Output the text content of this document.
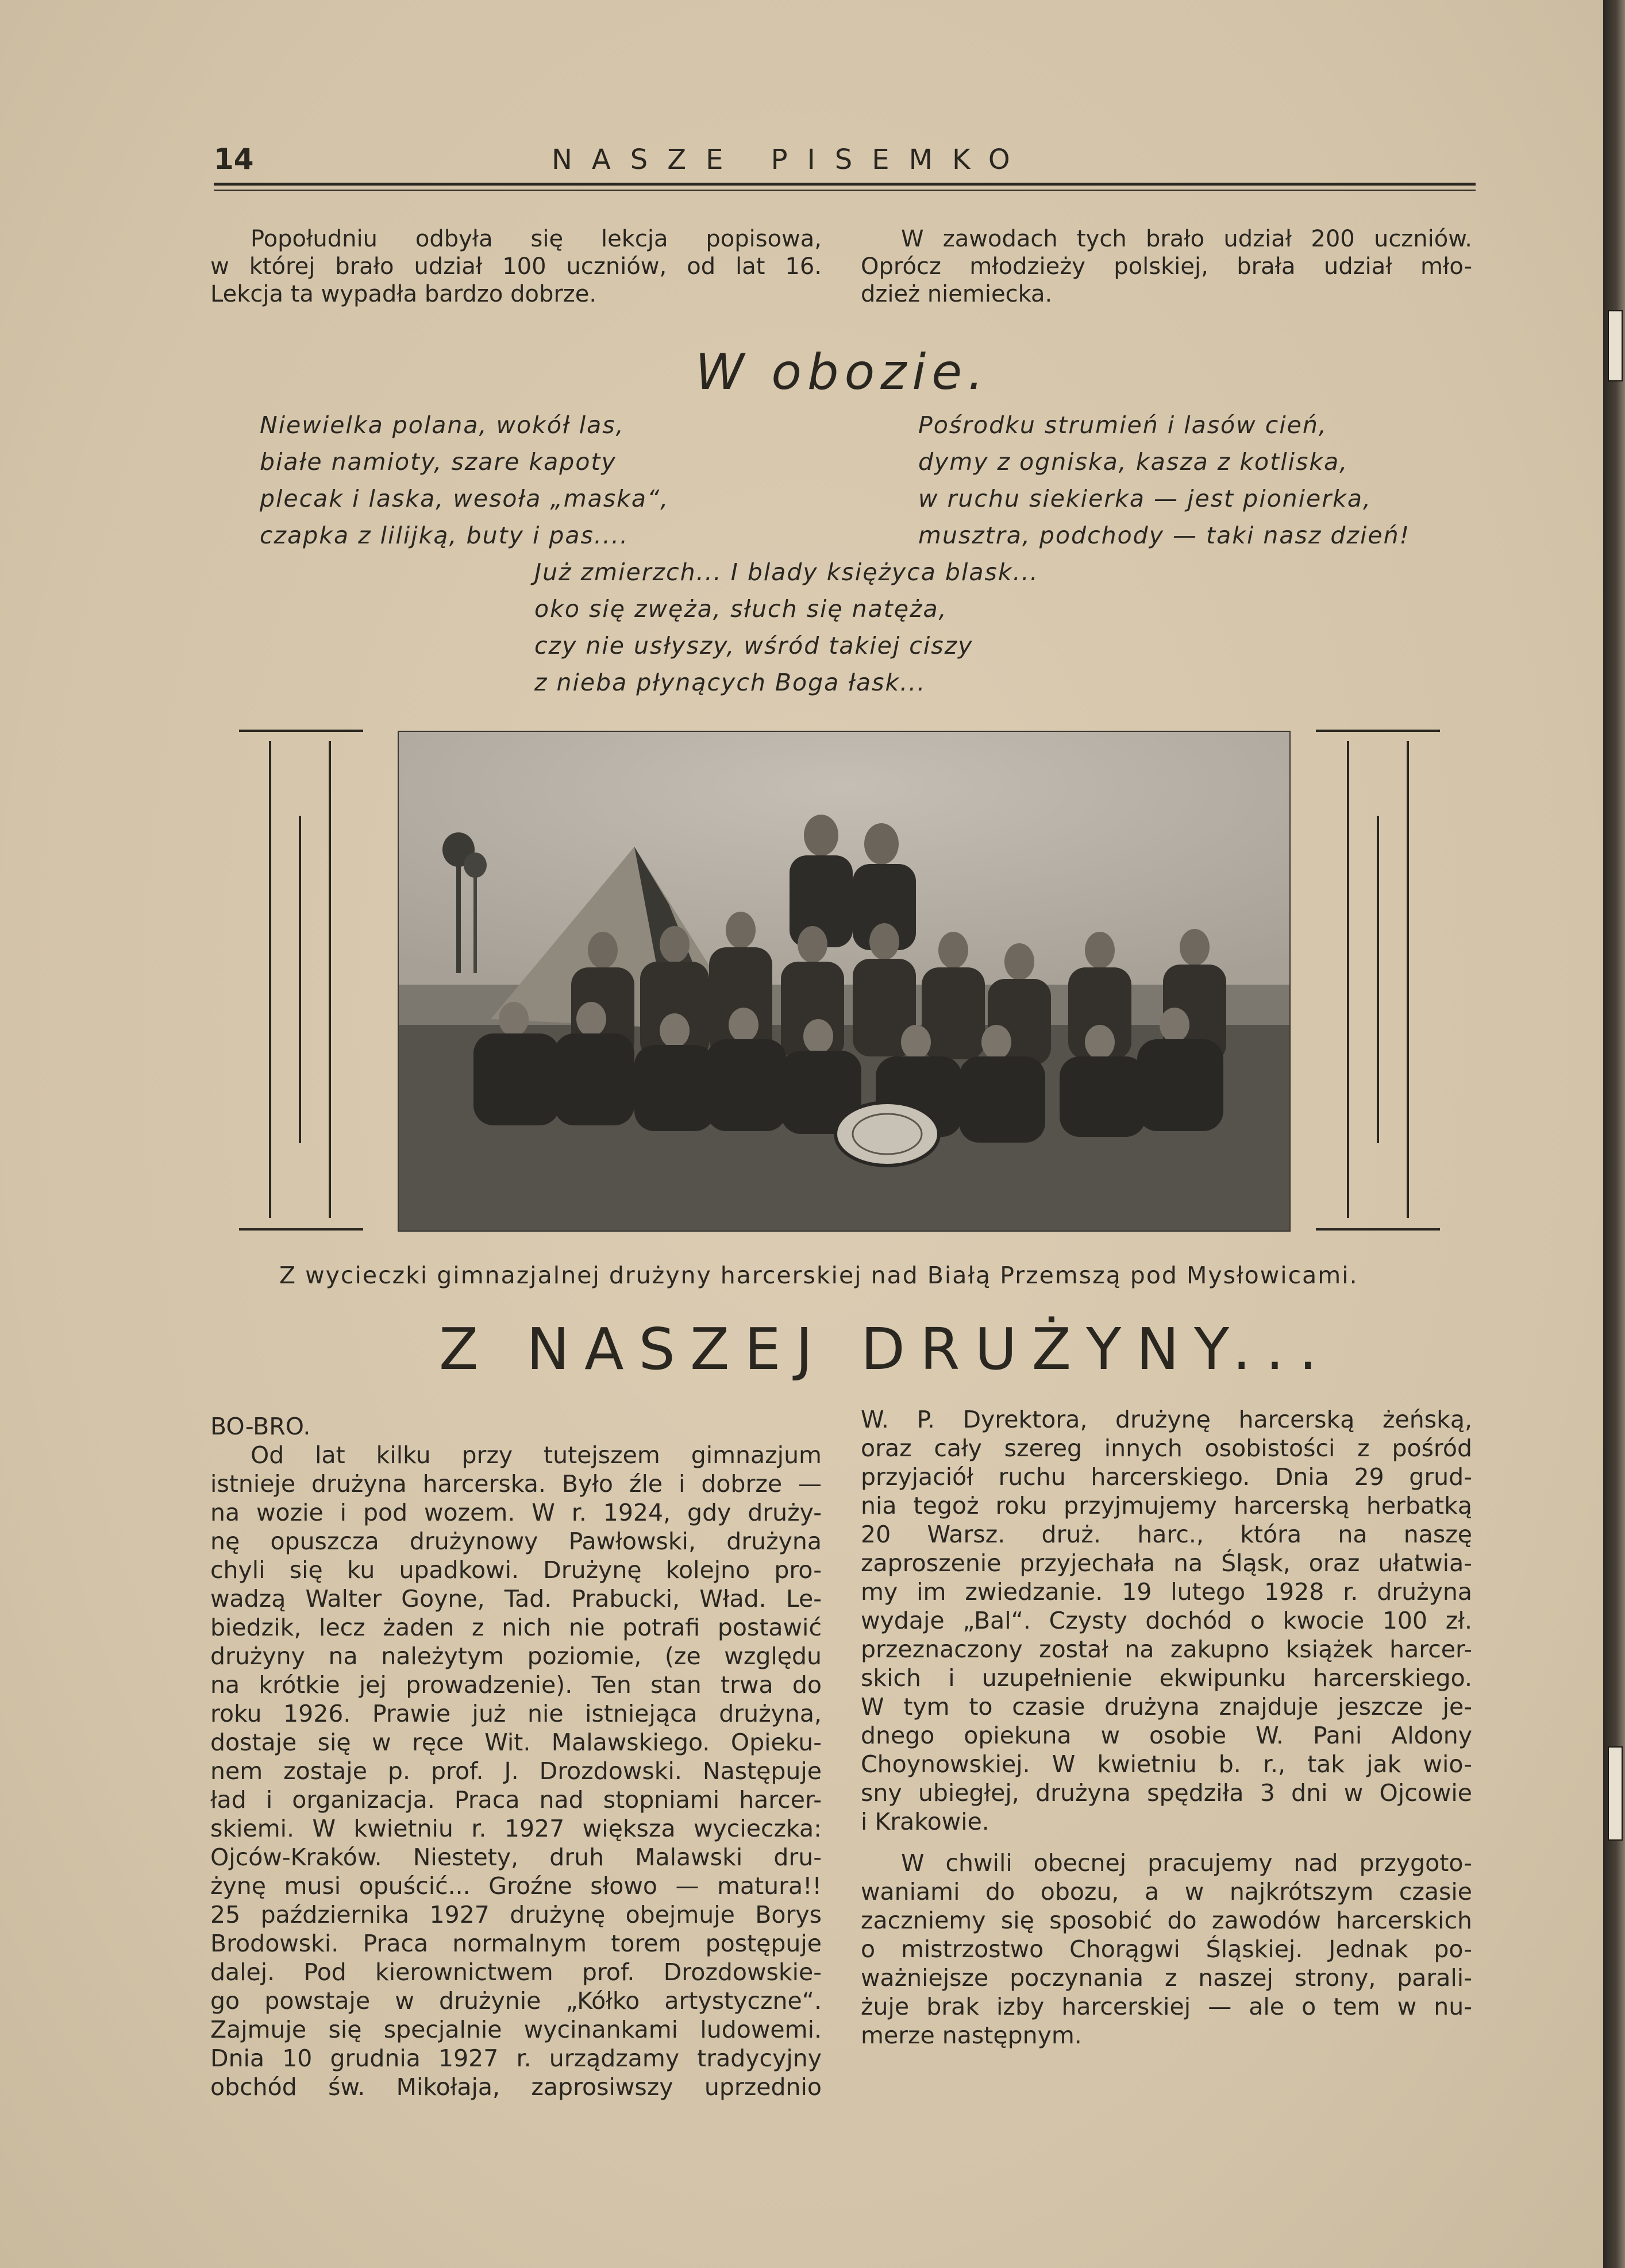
14	NASZE PISEMKO
Popołudniu odbyła się lekcja popisowa,
w której brało udział 100 uczniów, od lat 16.
Lekcja ta wypadła bardzo dobrze.
W zawodach tych brało udział 200 uczniów.
Oprócz młodzieży polskiej, brała udział mło-
dzież niemiecka.
W obozie.
Niewielka polana, wokół las,
białe namioty, szare kapoty
plecak i laska, wesoła „maska“,
czapka z lilijką, buty i pas....
Pośrodku strumień i lasów cień,
dymy z ogniska, kasza z kotliska,
w ruchu siekierka — jest pionierka,
musztra, podchody — taki nasz dzień!
Już zmierzch... I blady księżyca blask...
oko się zwęża, słuch się natęża,
czy nie usłyszy, wśród takiej ciszy
z nieba płynących Boga łask...
Z wycieczki gimnazjalnej drużyny harcerskiej nad Białą Przemszą pod Mysłowicami.
Z NASZEJ DRUŻYNY...
BO-BRO.
Od lat kilku przy tutejszem gimnazjum
istnieje drużyna harcerska. Było źle i dobrze —
na wozie i pod wozem. W r. 1924, gdy druży-
nę opuszcza drużynowy Pawłowski, drużyna
chyli się ku upadkowi. Drużynę kolejno pro-
wadzą Walter Goyne, Tad. Prabucki, Wład. Le-
biedzik, lecz żaden z nich nie potrafi postawić
drużyny na należytym poziomie, (ze względu
na krótkie jej prowadzenie). Ten stan trwa do
roku 1926. Prawie już nie istniejąca drużyna,
dostaje się w ręce Wit. Malawskiego. Opieku-
nem zostaje p. prof. J. Drozdowski. Następuje
ład i organizacja. Praca nad stopniami harcer-
skiemi. W kwietniu r. 1927 większa wycieczka:
Ojców-Kraków. Niestety, druh Malawski dru-
żynę musi opuścić... Groźne słowo — matura!!
25 października 1927 drużynę obejmuje Borys
Brodowski. Praca normalnym torem postępuje
dalej. Pod kierownictwem prof. Drozdowskie-
go powstaje w drużynie „Kółko artystyczne“.
Zajmuje się specjalnie wycinankami ludowemi.
Dnia 10 grudnia 1927 r. urządzamy tradycyjny
obchód św. Mikołaja, zaprosiwszy uprzednio
W. P. Dyrektora, drużynę harcerską żeńską,
oraz cały szereg innych osobistości z pośród
przyjaciół ruchu harcerskiego. Dnia 29 grud-
nia tegoż roku przyjmujemy harcerską herbatką
20 Warsz. druż. harc., która na naszę
zaproszenie przyjechała na Śląsk, oraz ułatwia-
my im zwiedzanie. 19 lutego 1928 r. drużyna
wydaje „Bal“. Czysty dochód o kwocie 100 zł.
przeznaczony został na zakupno książek harcer-
skich i uzupełnienie ekwipunku harcerskiego.
W tym to czasie drużyna znajduje jeszcze je-
dnego opiekuna w osobie W. Pani Aldony
Choynowskiej. W kwietniu b. r., tak jak wio-
sny ubiegłej, drużyna spędziła 3 dni w Ojcowie
i Krakowie.
W chwili obecnej pracujemy nad przygoto-
waniami do obozu, a w najkrótszym czasie
zaczniemy się sposobić do zawodów harcerskich
o mistrzostwo Chorągwi Śląskiej. Jednak po-
ważniejsze poczynania z naszej strony, parali-
żuje brak izby harcerskiej — ale o tem w nu-
merze następnym.
